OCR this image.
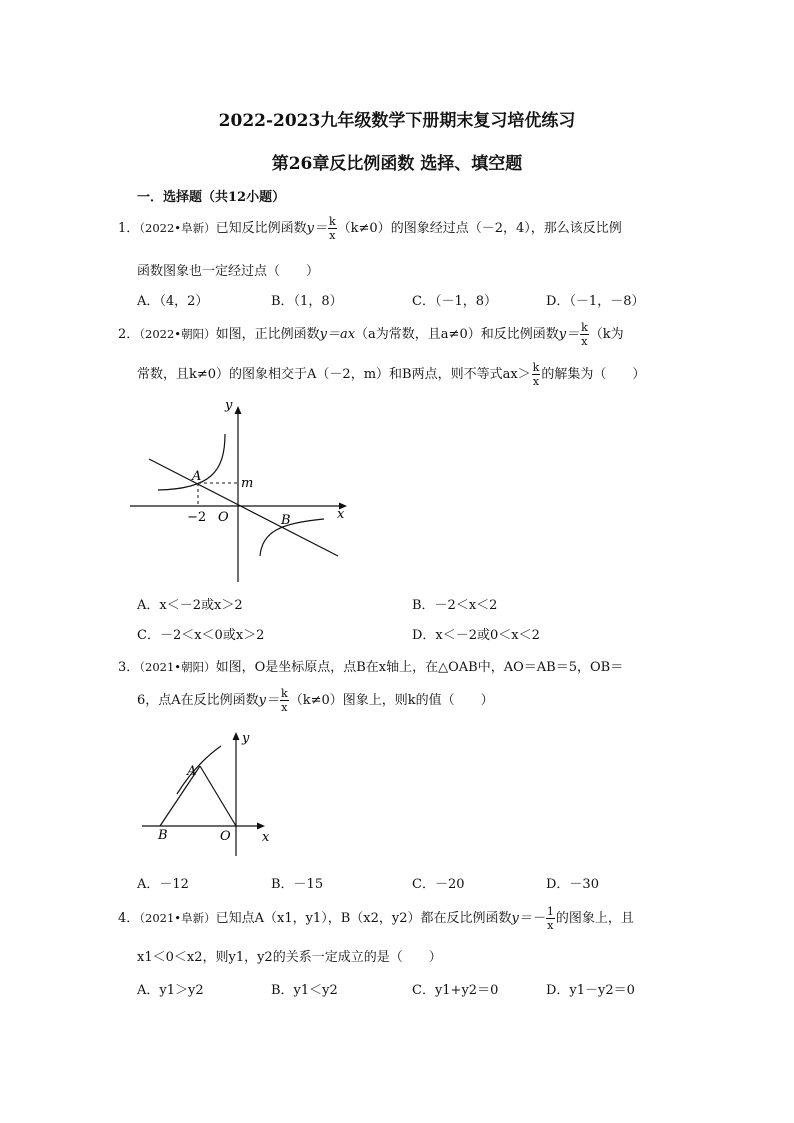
2022-2023九年级数学下册期末复习培优练习
第26章反比例函数 选择、填空题
一．选择题（共12小题）
1．（2022•阜新）已知反比例函数$y= \frac{k}{x} (k\ne 0)$的图象经过点（－2，4），那么该反比例
函数图象也一定经过点（　　）
A．（4，2）	B．（1，8）	C．（－1，8）	D．（－1，－8）
2．（2022•朝阳）如图，正比例函数y＝ax（a为常数，且a≠0）和反比例函数$y= \frac{k}{x} (k$为
常数，且k≠0）的图象相交于A（－2，m）和B两点，则不等式$ax> \frac{k}{x}$ 的解集为（　　）
y
A	m
−2 O	x
B
A．x＜－2或x＞2	B．－2＜x＜2
C．－2＜x＜0或x＞2	D．x＜－2或0＜x＜2
3．（2021•朝阳）如图，O是坐标原点，点B在x轴上，在△OAB中，AO＝AB＝5，OB＝
6，点A在反比例函数$y= \frac{k}{x} (k\ne 0)$图象上，则k的值（　　）
A
B	O x
y
A．－12	B．－15	C．－20	D．－30
4．（2021•阜新）已知点A（x1，y1），B（x2，y2）都在反比例函数$y=- \frac{1}{x}$ 的图象上，且
x1＜0＜x2，则y1，y2的关系一定成立的是（　　）
A．y1＞y2	B．y1＜y2	C．y1+y2＝0	D．y1－y2＝0
